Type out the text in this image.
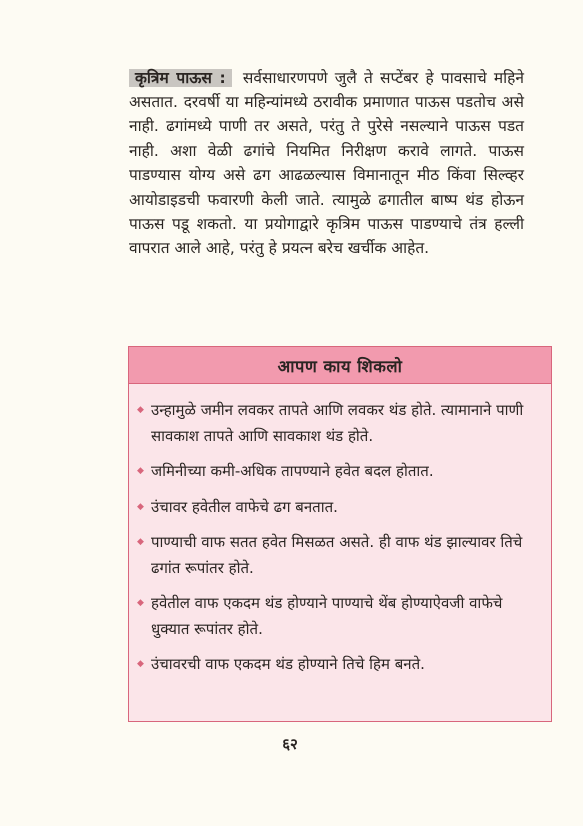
कृत्रिम पाऊस : सर्वसाधारणपणे जुलै ते सप्टेंबर हे पावसाचे महिने असतात. दरवर्षी या महिन्यांमध्ये ठरावीक प्रमाणात पाऊस पडतोच असे नाही. ढगांमध्ये पाणी तर असते, परंतु ते पुरेसे नसल्याने पाऊस पडत नाही. अशा वेळी ढगांचे नियमित निरीक्षण करावे लागते. पाऊस पाडण्यास योग्य असे ढग आढळल्यास विमानातून मीठ किंवा सिल्व्हर आयोडाइडची फवारणी केली जाते. त्यामुळे ढगातील बाष्प थंड होऊन पाऊस पडू शकतो. या प्रयोगाद्वारे कृत्रिम पाऊस पाडण्याचे तंत्र हल्ली वापरात आले आहे, परंतु हे प्रयत्न बरेच खर्चीक आहेत.

आपण काय शिकलो
◆ उन्हामुळे जमीन लवकर तापते आणि लवकर थंड होते. त्यामानाने पाणी सावकाश तापते आणि सावकाश थंड होते.
◆ जमिनीच्या कमी-अधिक तापण्याने हवेत बदल होतात.
◆ उंचावर हवेतील वाफेचे ढग बनतात.
◆ पाण्याची वाफ सतत हवेत मिसळत असते. ही वाफ थंड झाल्यावर तिचे ढगांत रूपांतर होते.
◆ हवेतील वाफ एकदम थंड होण्याने पाण्याचे थेंब होण्याऐवजी वाफेचे धुक्यात रूपांतर होते.
◆ उंचावरची वाफ एकदम थंड होण्याने तिचे हिम बनते.
६२
